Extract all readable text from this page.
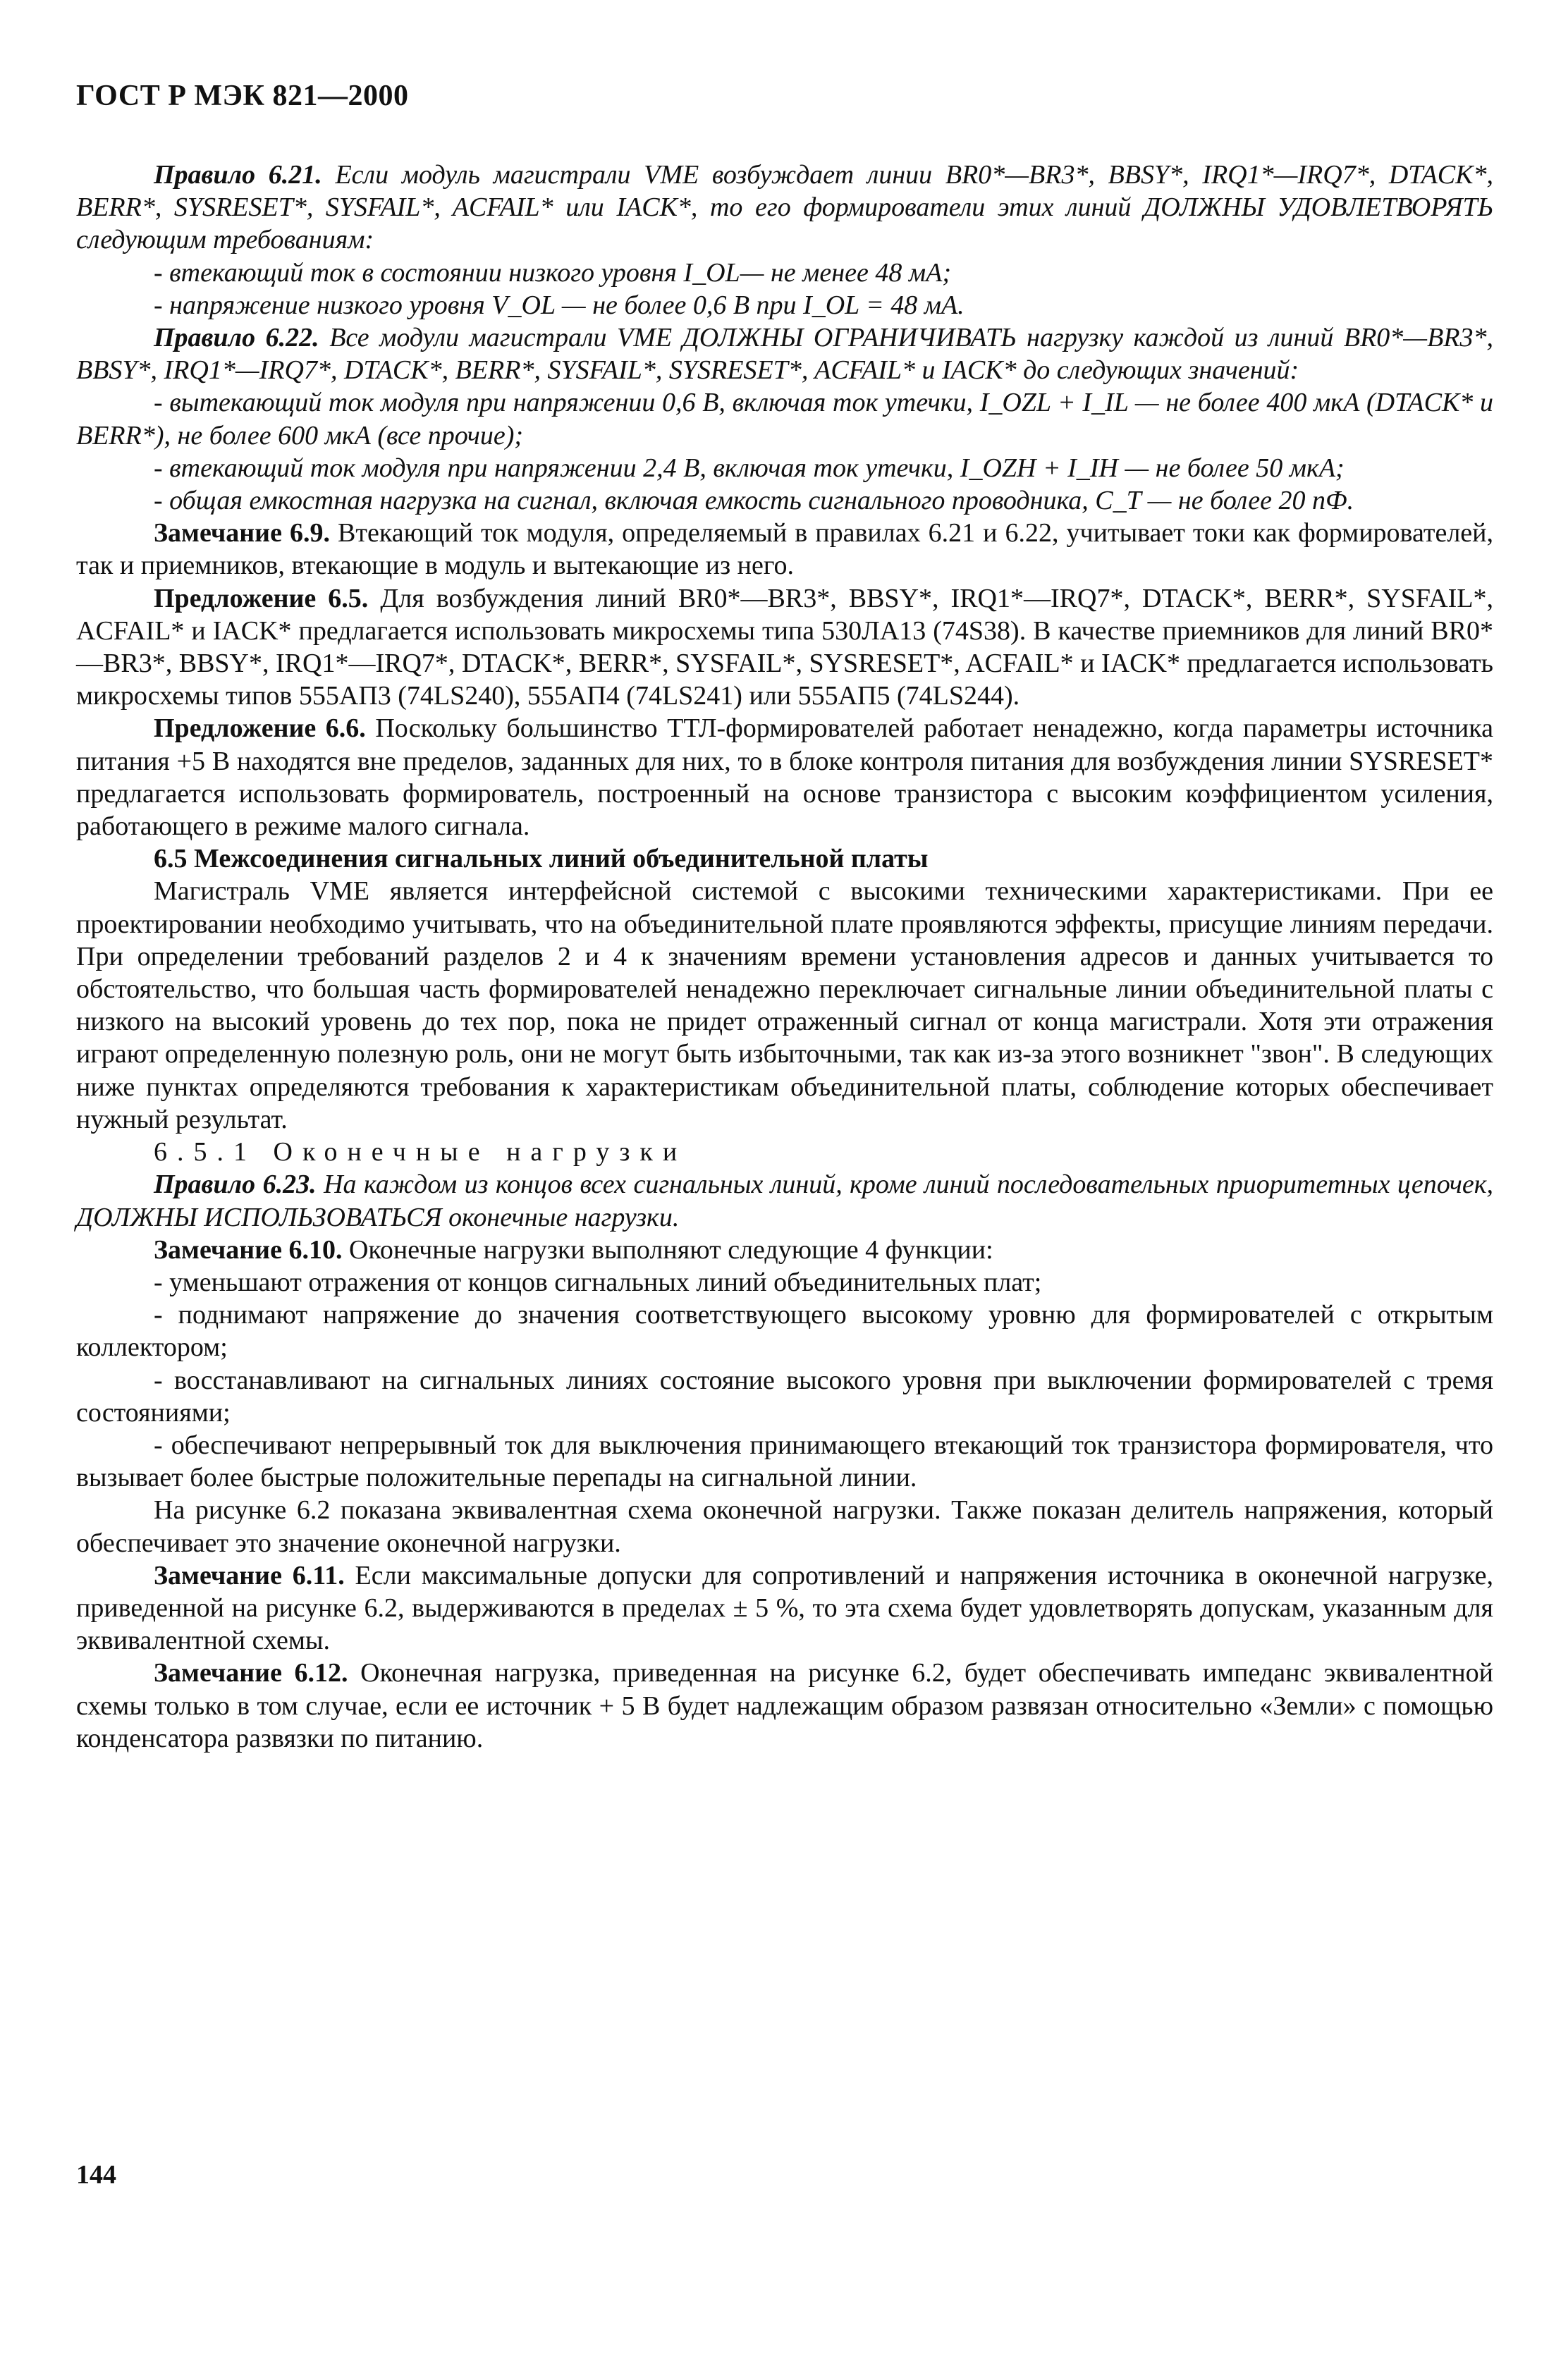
ГОСТ Р МЭК 821—2000

Правило 6.21. Если модуль магистрали VME возбуждает линии BR0*—BR3*, BBSY*, IRQ1*—IRQ7*, DTACK*, BERR*, SYSRESET*, SYSFAIL*, ACFAIL* или IACK*, то его формирователи этих линий ДОЛЖНЫ УДОВЛЕТВОРЯТЬ следующим требованиям:

- втекающий ток в состоянии низкого уровня I_OL— не менее 48 мА;

- напряжение низкого уровня V_OL — не более 0,6 В при I_OL = 48 мА.

Правило 6.22. Все модули магистрали VME ДОЛЖНЫ ОГРАНИЧИВАТЬ нагрузку каждой из линий BR0*—BR3*, BBSY*, IRQ1*—IRQ7*, DTACK*, BERR*, SYSFAIL*, SYSRESET*, ACFAIL* и IACK* до следующих значений:

- вытекающий ток модуля при напряжении 0,6 В, включая ток утечки, I_OZL + I_IL — не более 400 мкА (DTACK* и BERR*), не более 600 мкА (все прочие);

- втекающий ток модуля при напряжении 2,4 В, включая ток утечки, I_OZH + I_IH — не более 50 мкА;

- общая емкостная нагрузка на сигнал, включая емкость сигнального проводника, C_T — не более 20 пФ.

Замечание 6.9. Втекающий ток модуля, определяемый в правилах 6.21 и 6.22, учитывает токи как формирователей, так и приемников, втекающие в модуль и вытекающие из него.

Предложение 6.5. Для возбуждения линий BR0*—BR3*, BBSY*, IRQ1*—IRQ7*, DTACK*, BERR*, SYSFAIL*, ACFAIL* и IACK* предлагается использовать микросхемы типа 530ЛА13 (74S38). В качестве приемников для линий BR0*—BR3*, BBSY*, IRQ1*—IRQ7*, DTACK*, BERR*, SYSFAIL*, SYSRESET*, ACFAIL* и IACK* предлагается использовать микросхемы типов 555АП3 (74LS240), 555АП4 (74LS241) или 555АП5 (74LS244).

Предложение 6.6. Поскольку большинство ТТЛ-формирователей работает ненадежно, когда параметры источника питания +5 В находятся вне пределов, заданных для них, то в блоке контроля питания для возбуждения линии SYSRESET* предлагается использовать формирователь, построенный на основе транзистора с высоким коэффициентом усиления, работающего в режиме малого сигнала.

6.5 Межсоединения сигнальных линий объединительной платы

Магистраль VME является интерфейсной системой с высокими техническими характеристиками. При ее проектировании необходимо учитывать, что на объединительной плате проявляются эффекты, присущие линиям передачи. При определении требований разделов 2 и 4 к значениям времени установления адресов и данных учитывается то обстоятельство, что большая часть формирователей ненадежно переключает сигнальные линии объединительной платы с низкого на высокий уровень до тех пор, пока не придет отраженный сигнал от конца магистрали. Хотя эти отражения играют определенную полезную роль, они не могут быть избыточными, так как из-за этого возникнет "звон". В следующих ниже пунктах определяются требования к характеристикам объединительной платы, соблюдение которых обеспечивает нужный результат.

6.5.1 Оконечные нагрузки

Правило 6.23. На каждом из концов всех сигнальных линий, кроме линий последовательных приоритетных цепочек, ДОЛЖНЫ ИСПОЛЬЗОВАТЬСЯ оконечные нагрузки.

Замечание 6.10. Оконечные нагрузки выполняют следующие 4 функции:

- уменьшают отражения от концов сигнальных линий объединительных плат;

- поднимают напряжение до значения соответствующего высокому уровню для формирователей с открытым коллектором;

- восстанавливают на сигнальных линиях состояние высокого уровня при выключении формирователей с тремя состояниями;

- обеспечивают непрерывный ток для выключения принимающего втекающий ток транзистора формирователя, что вызывает более быстрые положительные перепады на сигнальной линии.

На рисунке 6.2 показана эквивалентная схема оконечной нагрузки. Также показан делитель напряжения, который обеспечивает это значение оконечной нагрузки.

Замечание 6.11. Если максимальные допуски для сопротивлений и напряжения источника в оконечной нагрузке, приведенной на рисунке 6.2, выдерживаются в пределах ± 5 %, то эта схема будет удовлетворять допускам, указанным для эквивалентной схемы.

Замечание 6.12. Оконечная нагрузка, приведенная на рисунке 6.2, будет обеспечивать импеданс эквивалентной схемы только в том случае, если ее источник + 5 В будет надлежащим образом развязан относительно «Земли» с помощью конденсатора развязки по питанию.

144
